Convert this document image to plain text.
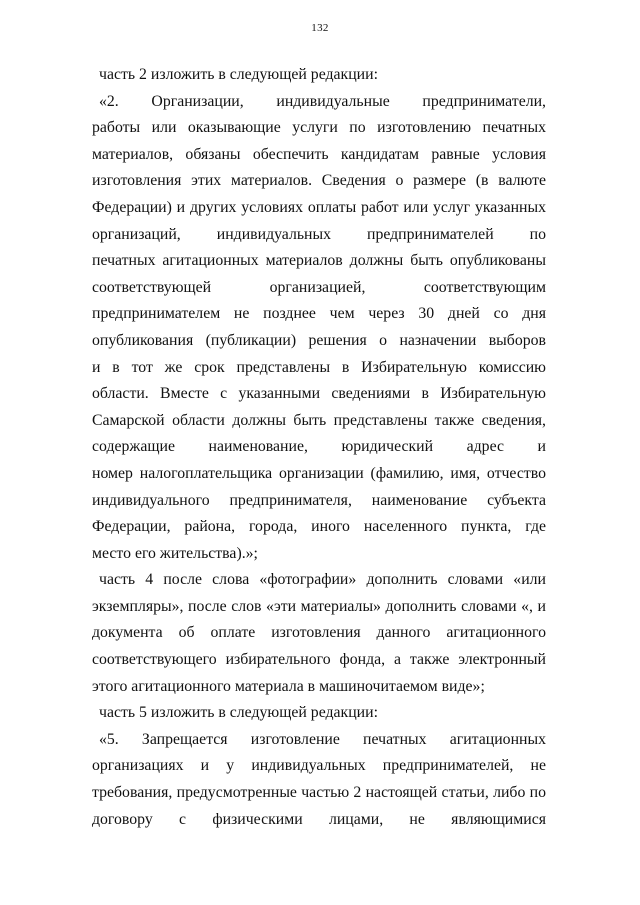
132
часть 2 изложить в следующей редакции:
«2. Организации, индивидуальные предприниматели,
работы или оказывающие услуги по изготовлению печатных
материалов, обязаны обеспечить кандидатам равные условия
изготовления этих материалов. Сведения о размере (в валюте
Федерации) и других условиях оплаты работ или услуг указанных
организаций, индивидуальных предпринимателей по
печатных агитационных материалов должны быть опубликованы
соответствующей организацией, соответствующим
предпринимателем не позднее чем через 30 дней со дня
опубликования (публикации) решения о назначении выборов
и в тот же срок представлены в Избирательную комиссию
области. Вместе с указанными сведениями в Избирательную
Самарской области должны быть представлены также сведения,
содержащие наименование, юридический адрес и
номер налогоплательщика организации (фамилию, имя, отчество
индивидуального предпринимателя, наименование субъекта
Федерации, района, города, иного населенного пункта, где
место его жительства).»;
часть 4 после слова «фотографии» дополнить словами «или
экземпляры», после слов «эти материалы» дополнить словами «, и
документа об оплате изготовления данного агитационного
соответствующего избирательного фонда, а также электронный
этого агитационного материала в машиночитаемом виде»;
часть 5 изложить в следующей редакции:
«5. Запрещается изготовление печатных агитационных
организациях и у индивидуальных предпринимателей, не
требования, предусмотренные частью 2 настоящей статьи, либо по
договору с физическими лицами, не являющимися
